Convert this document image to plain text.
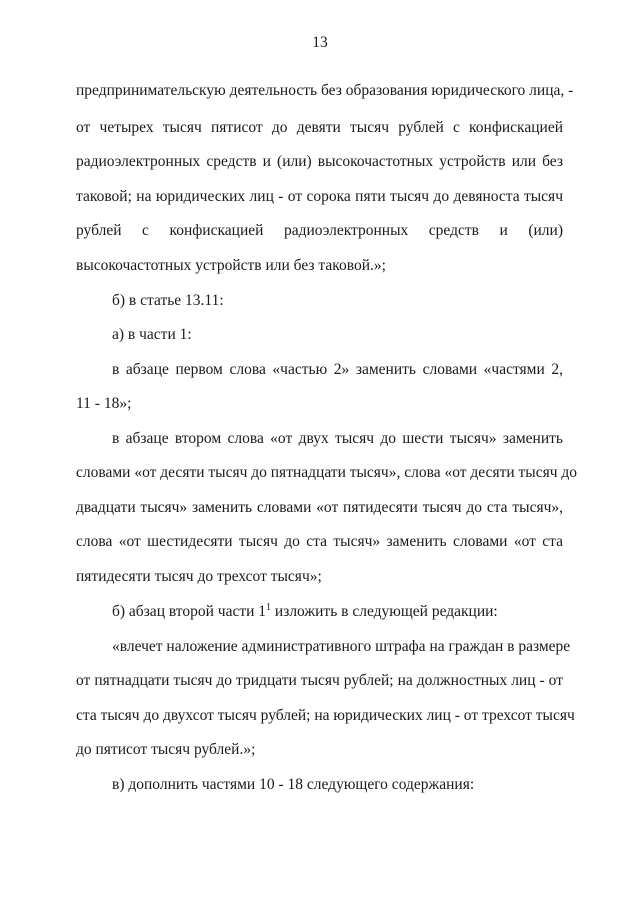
13
предпринимательскую деятельность без образования юридического лица, -
от четырех тысяч пятисот до девяти тысяч рублей с конфискацией
радиоэлектронных средств и (или) высокочастотных устройств или без
таковой; на юридических лиц - от сорока пяти тысяч до девяноста тысяч
рублей с конфискацией радиоэлектронных средств и (или)
высокочастотных устройств или без таковой.»;
б) в статье 13.11:
а) в части 1:
в абзаце первом слова «частью 2» заменить словами «частями 2,
11 - 18»;
в абзаце втором слова «от двух тысяч до шести тысяч» заменить
словами «от десяти тысяч до пятнадцати тысяч», слова «от десяти тысяч до
двадцати тысяч» заменить словами «от пятидесяти тысяч до ста тысяч»,
слова «от шестидесяти тысяч до ста тысяч» заменить словами «от ста
пятидесяти тысяч до трехсот тысяч»;
б) абзац второй части $1^1$ изложить в следующей редакции:
«влечет наложение административного штрафа на граждан в размере
от пятнадцати тысяч до тридцати тысяч рублей; на должностных лиц - от
ста тысяч до двухсот тысяч рублей; на юридических лиц - от трехсот тысяч
до пятисот тысяч рублей.»;
в) дополнить частями 10 - 18 следующего содержания:
